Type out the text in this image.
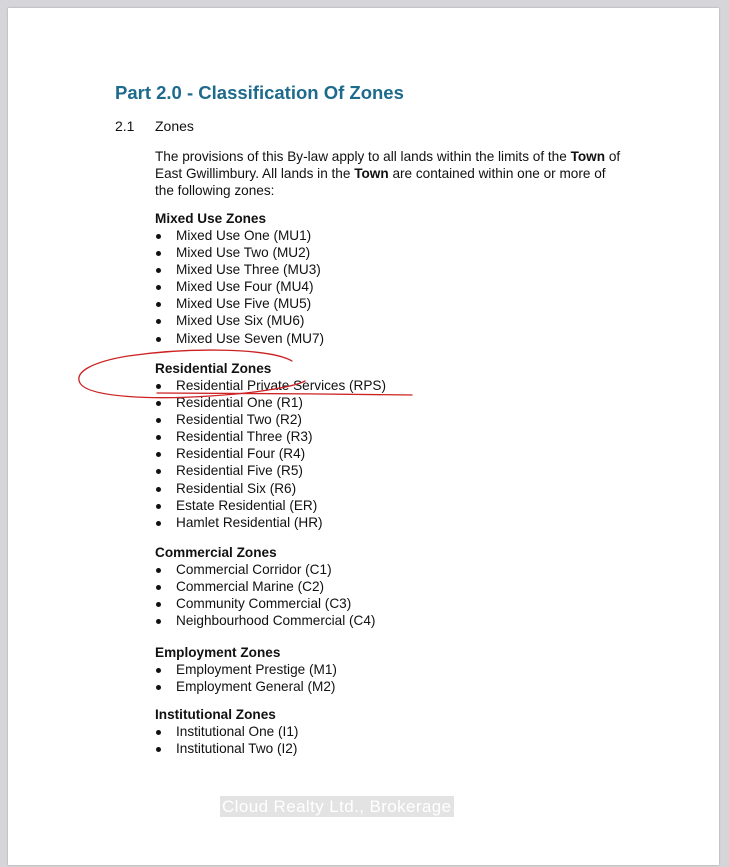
Part 2.0 - Classification Of Zones
2.1 Zones

The provisions of this By-law apply to all lands within the limits of the Town of East Gwillimbury. All lands in the Town are contained within one or more of the following zones:

Mixed Use Zones

Mixed Use One (MU1)
Mixed Use Two (MU2)
Mixed Use Three (MU3)
Mixed Use Four (MU4)
Mixed Use Five (MU5)
Mixed Use Six (MU6)
Mixed Use Seven (MU7)

Residential Zones

Residential Private Services (RPS)
Residential One (R1)
Residential Two (R2)
Residential Three (R3)
Residential Four (R4)
Residential Five (R5)
Residential Six (R6)
Estate Residential (ER)
Hamlet Residential (HR)

Commercial Zones

Commercial Corridor (C1)
Commercial Marine (C2)
Community Commercial (C3)
Neighbourhood Commercial (C4)

Employment Zones

Employment Prestige (M1)
Employment General (M2)

Institutional Zones

Institutional One (I1)
Institutional Two (I2)
Cloud Realty Ltd., Brokerage
